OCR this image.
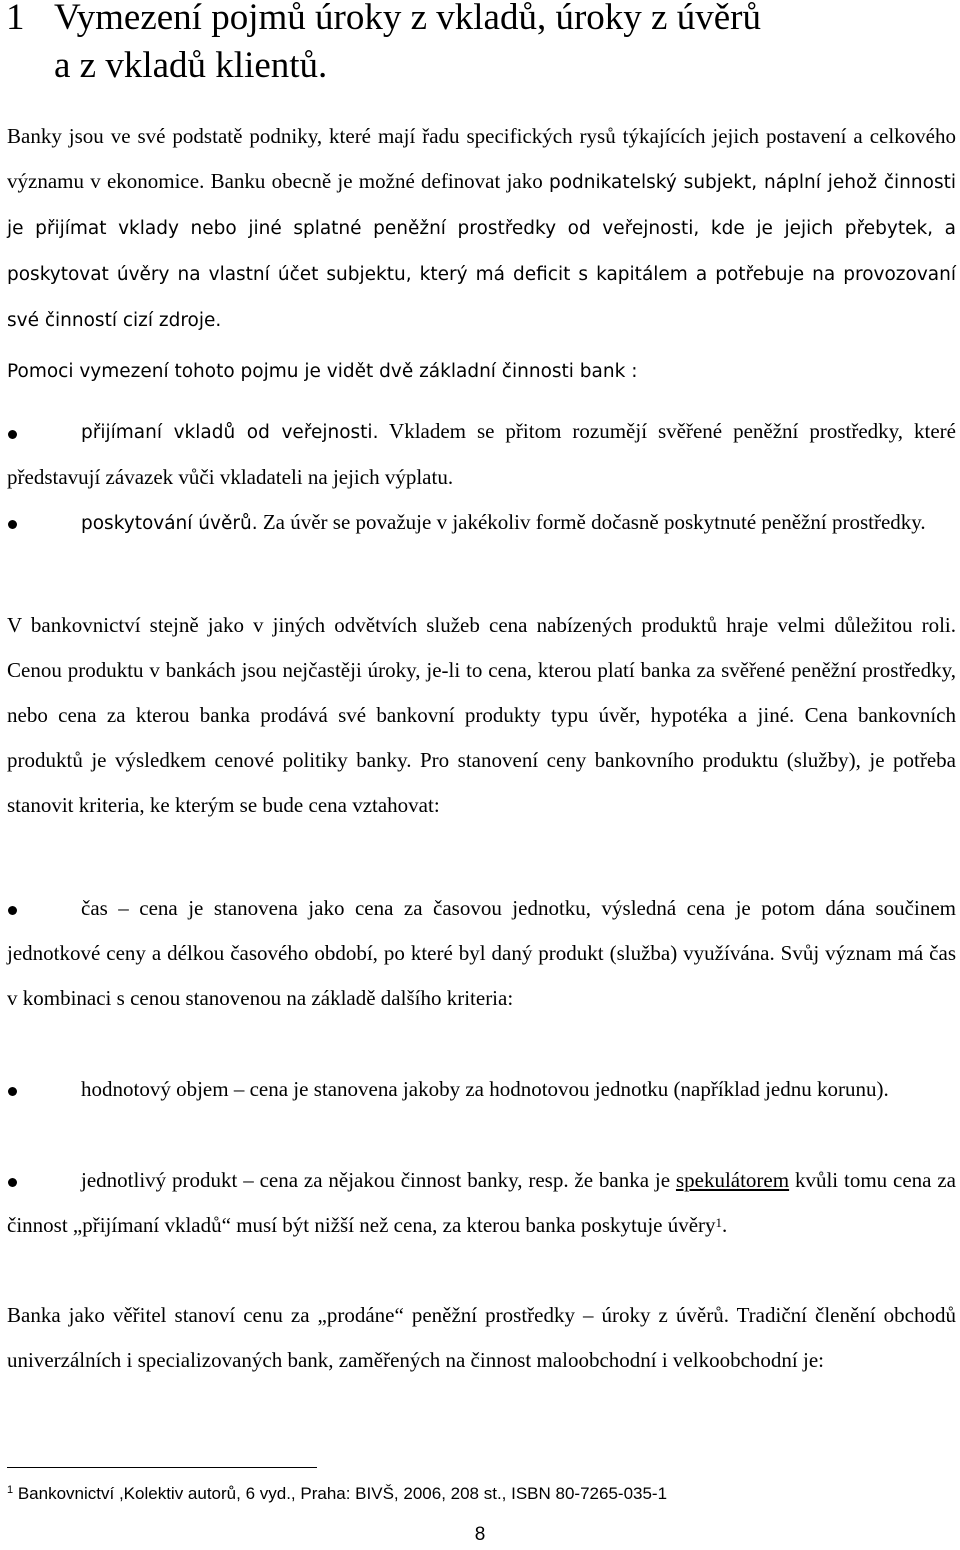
1 Vymezení pojmů úroky z vkladů, úroky z úvěrů
a z vkladů klientů.

Banky jsou ve své podstatě podniky, které mají řadu specifických rysů týkajících jejich postavení a celkového významu v ekonomice. Banku obecně je možné definovat jako podnikatelský subjekt, náplní jehož činnosti je přijímat vklady nebo jiné splatné peněžní prostředky od veřejnosti, kde je jejich přebytek, a poskytovat úvěry na vlastní účet subjektu, který má deficit s kapitálem a potřebuje na provozovaní své činností cizí zdroje.

Pomoci vymezení tohoto pojmu je vidět dvě základní činnosti bank :

přijímaní vkladů od veřejnosti. Vkladem se přitom rozumějí svěřené peněžní prostředky, které představují závazek vůči vkladateli na jejich výplatu.

poskytování úvěrů. Za úvěr se považuje v jakékoliv formě dočasně poskytnuté peněžní prostředky.

V bankovnictví stejně jako v jiných odvětvích služeb cena nabízených produktů hraje velmi důležitou roli. Cenou produktu v bankách jsou nejčastěji úroky, je-li to cena, kterou platí banka za svěřené peněžní prostředky, nebo cena za kterou banka prodává své bankovní produkty typu úvěr, hypotéka a jiné. Cena bankovních produktů je výsledkem cenové politiky banky. Pro stanovení ceny bankovního produktu (služby), je potřeba stanovit kriteria, ke kterým se bude cena vztahovat:

čas – cena je stanovena jako cena za časovou jednotku, výsledná cena je potom dána součinem jednotkové ceny a délkou časového období, po které byl daný produkt (služba) využívána. Svůj význam má čas v kombinaci s cenou stanovenou na základě dalšího kriteria:

hodnotový objem – cena je stanovena jakoby za hodnotovou jednotku (například jednu korunu).

jednotlivý produkt – cena za nějakou činnost banky, resp. že banka je spekulátorem kvůli tomu cena za činnost „přijímaní vkladů“ musí být nižší než cena, za kterou banka poskytuje úvěry$^1$.

Banka jako věřitel stanoví cenu za „prodáne“ peněžní prostředky – úroky z úvěrů. Tradiční členění obchodů univerzálních i specializovaných bank, zaměřených na činnost maloobchodní i velkoobchodní je:

$^1$ Bankovnictví ,Kolektiv autorů, 6 vyd., Praha: BIVŠ, 2006, 208 st., ISBN 80-7265-035-1
8
